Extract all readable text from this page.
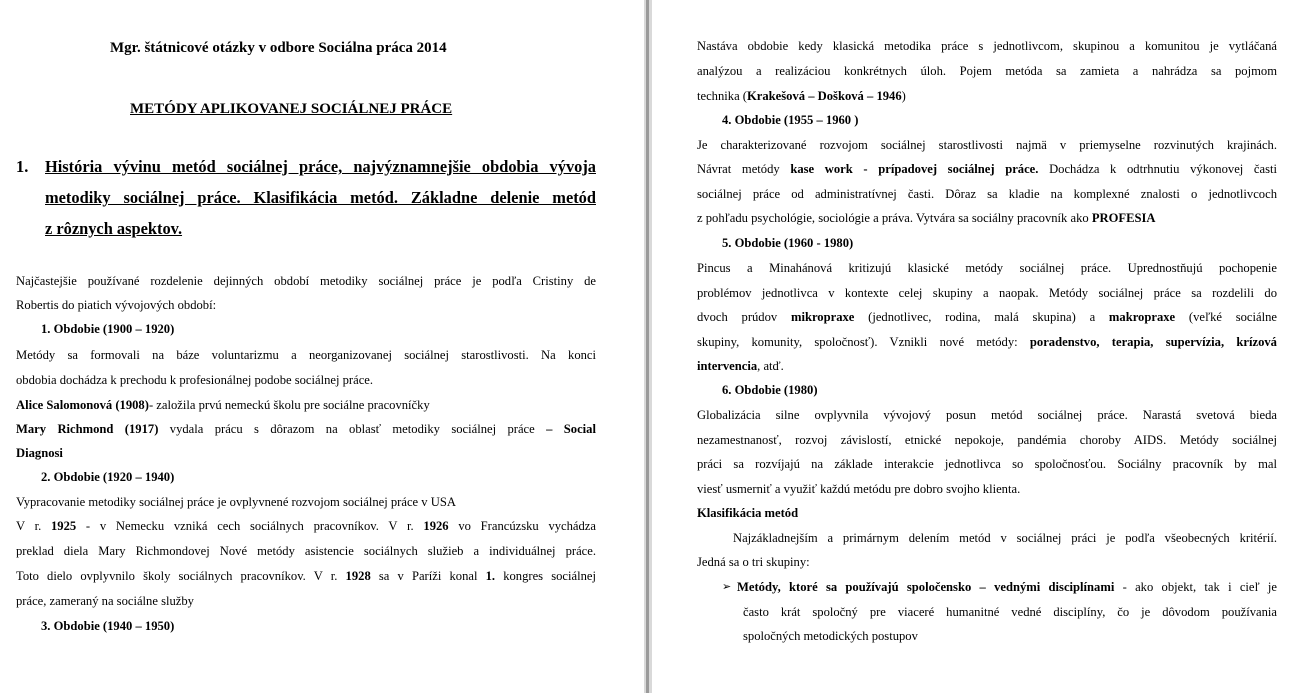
Mgr. štátnicové otázky v odbore Sociálna práca 2014
METÓDY APLIKOVANEJ SOCIÁLNEJ PRÁCE
1. História vývinu metód sociálnej práce, najvýznamnejšie obdobia vývoja
metodiky sociálnej práce. Klasifikácia metód. Základne delenie metód
z rôznych aspektov.
Najčastejšie používané rozdelenie dejinných období metodiky sociálnej práce je podľa Cristiny de
Robertis do piatich vývojových období:
1. Obdobie (1900 – 1920)
Metódy sa formovali na báze voluntarizmu a neorganizovanej sociálnej starostlivosti. Na konci
obdobia dochádza k prechodu k profesionálnej podobe sociálnej práce.
Alice Salomonová (1908)- založila prvú nemeckú školu pre sociálne pracovníčky
Mary Richmond (1917) vydala prácu s dôrazom na oblasť metodiky sociálnej práce – Social
Diagnosi
2. Obdobie (1920 – 1940)
Vypracovanie metodiky sociálnej práce je ovplyvnené rozvojom sociálnej práce v USA
V r. 1925 - v Nemecku vzniká cech sociálnych pracovníkov. V r. 1926 vo Francúzsku vychádza
preklad diela Mary Richmondovej Nové metódy asistencie sociálnych služieb a individuálnej práce.
Toto dielo ovplyvnilo školy sociálnych pracovníkov. V r. 1928 sa v Paríži konal 1. kongres sociálnej
práce, zameraný na sociálne služby
3. Obdobie (1940 – 1950)
Nastáva obdobie kedy klasická metodika práce s jednotlivcom, skupinou a komunitou je vytláčaná
analýzou a realizáciou konkrétnych úloh. Pojem metóda sa zamieta a nahrádza sa pojmom
technika (Krakešová – Došková – 1946)
4. Obdobie (1955 – 1960 )
Je charakterizované rozvojom sociálnej starostlivosti najmä v priemyselne rozvinutých krajinách.
Návrat metódy kase work - prípadovej sociálnej práce. Dochádza k odtrhnutiu výkonovej časti
sociálnej práce od administratívnej časti. Dôraz sa kladie na komplexné znalosti o jednotlivcoch
z pohľadu psychológie, sociológie a práva. Vytvára sa sociálny pracovník ako PROFESIA
5. Obdobie (1960 - 1980)
Pincus a Minahánová kritizujú klasické metódy sociálnej práce. Uprednostňujú pochopenie
problémov jednotlivca v kontexte celej skupiny a naopak. Metódy sociálnej práce sa rozdelili do
dvoch prúdov mikropraxe (jednotlivec, rodina, malá skupina) a makropraxe (veľké sociálne
skupiny, komunity, spoločnosť). Vznikli nové metódy: poradenstvo, terapia, supervízia, krízová
intervencia, atď.
6. Obdobie (1980)
Globalizácia silne ovplyvnila vývojový posun metód sociálnej práce. Narastá svetová bieda
nezamestnanosť, rozvoj závislostí, etnické nepokoje, pandémia choroby AIDS. Metódy sociálnej
práci sa rozvíjajú na základe interakcie jednotlivca so spoločnosťou. Sociálny pracovník by mal
viesť usmerniť a využiť každú metódu pre dobro svojho klienta.
Klasifikácia metód
Najzákladnejším a primárnym delením metód v sociálnej práci je podľa všeobecných kritérií.
Jedná sa o tri skupiny:
➢ Metódy, ktoré sa používajú spoločensko – vednými disciplínami - ako objekt, tak i cieľ je
často krát spoločný pre viaceré humanitné vedné disciplíny, čo je dôvodom používania
spoločných metodických postupov
